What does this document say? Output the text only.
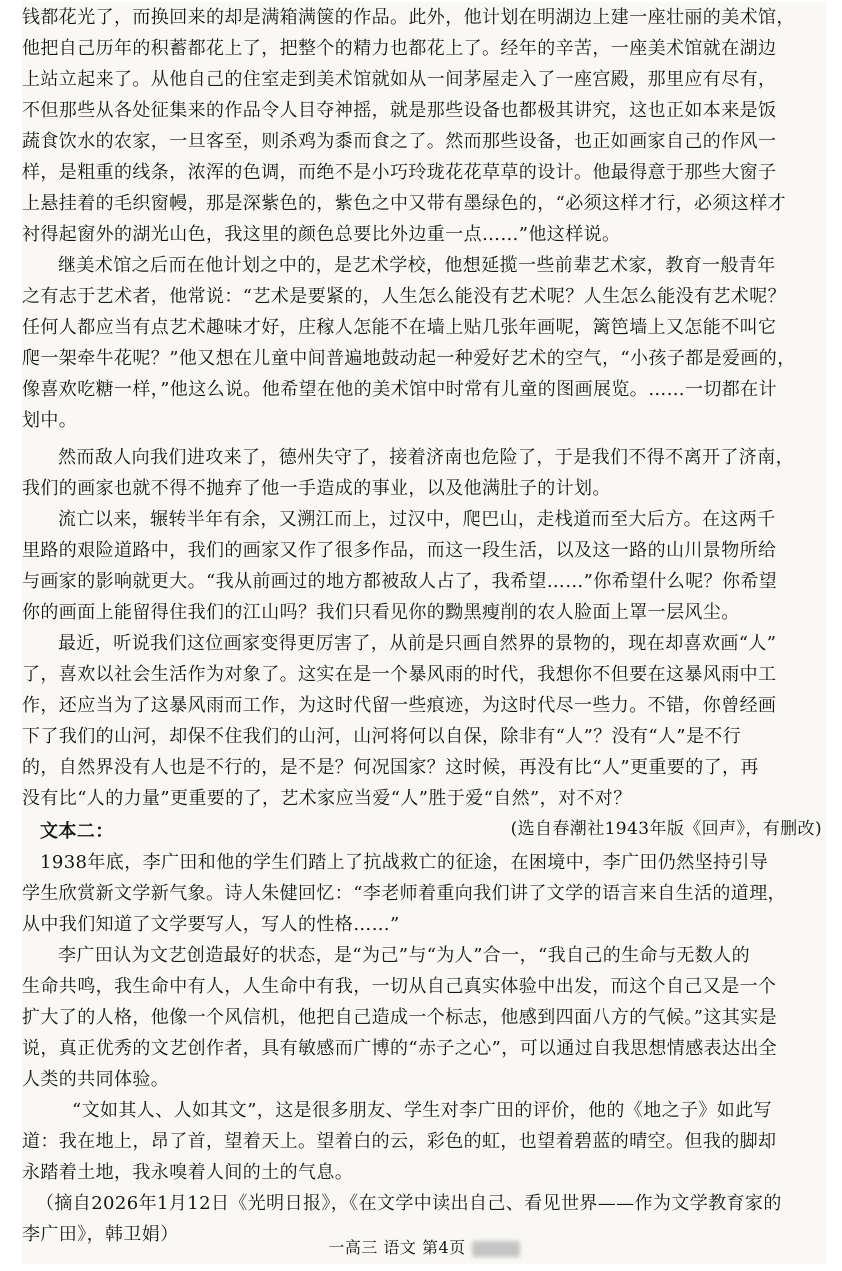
钱都花光了，而换回来的却是满箱满箧的作品。此外，他计划在明湖边上建一座壮丽的美术馆，
他把自己历年的积蓄都花上了，把整个的精力也都花上了。经年的辛苦，一座美术馆就在湖边
上站立起来了。从他自己的住室走到美术馆就如从一间茅屋走入了一座宫殿，那里应有尽有，
不但那些从各处征集来的作品令人目夺神摇，就是那些设备也都极其讲究，这也正如本来是饭
蔬食饮水的农家，一旦客至，则杀鸡为黍而食之了。然而那些设备，也正如画家自己的作风一
样，是粗重的线条，浓浑的色调，而绝不是小巧玲珑花花草草的设计。他最得意于那些大窗子
上悬挂着的毛织窗幔，那是深紫色的，紫色之中又带有墨绿色的，“必须这样才行，必须这样才
衬得起窗外的湖光山色，我这里的颜色总要比外边重一点……”他这样说。
继美术馆之后而在他计划之中的，是艺术学校，他想延揽一些前辈艺术家，教育一般青年
之有志于艺术者，他常说：“艺术是要紧的，人生怎么能没有艺术呢？人生怎么能没有艺术呢？
任何人都应当有点艺术趣味才好，庄稼人怎能不在墙上贴几张年画呢，篱笆墙上又怎能不叫它
爬一架牵牛花呢？”他又想在儿童中间普遍地鼓动起一种爱好艺术的空气，“小孩子都是爱画的，
像喜欢吃糖一样，”他这么说。他希望在他的美术馆中时常有儿童的图画展览。……一切都在计
划中。
然而敌人向我们进攻来了，德州失守了，接着济南也危险了，于是我们不得不离开了济南，
我们的画家也就不得不抛弃了他一手造成的事业，以及他满肚子的计划。
流亡以来，辗转半年有余，又溯江而上，过汉中，爬巴山，走栈道而至大后方。在这两千
里路的艰险道路中，我们的画家又作了很多作品，而这一段生活，以及这一路的山川景物所给
与画家的影响就更大。“我从前画过的地方都被敌人占了，我希望……”你希望什么呢？你希望
你的画面上能留得住我们的江山吗？我们只看见你的黝黑瘦削的农人脸面上罩一层风尘。
最近，听说我们这位画家变得更厉害了，从前是只画自然界的景物的，现在却喜欢画“人”
了，喜欢以社会生活作为对象了。这实在是一个暴风雨的时代，我想你不但要在这暴风雨中工
作，还应当为了这暴风雨而工作，为这时代留一些痕迹，为这时代尽一些力。不错，你曾经画
下了我们的山河，却保不住我们的山河，山河将何以自保，除非有“人”？没有“人”是不行
的，自然界没有人也是不行的，是不是？何况国家？这时候，再没有比“人”更重要的了，再
没有比“人的力量”更重要的了，艺术家应当爱“人”胜于爱“自然”，对不对？
(选自春潮社1943年版《回声》，有删改)
文本二：
1938年底，李广田和他的学生们踏上了抗战救亡的征途，在困境中，李广田仍然坚持引导
学生欣赏新文学新气象。诗人朱健回忆：“李老师着重向我们讲了文学的语言来自生活的道理，
从中我们知道了文学要写人，写人的性格……”
李广田认为文艺创造最好的状态，是“为己”与“为人”合一，“我自己的生命与无数人的
生命共鸣，我生命中有人，人生命中有我，一切从自己真实体验中出发，而这个自己又是一个
扩大了的人格，他像一个风信机，他把自己造成一个标志，他感到四面八方的气候。”这其实是
说，真正优秀的文艺创作者，具有敏感而广博的“赤子之心”，可以通过自我思想情感表达出全
人类的共同体验。
“文如其人、人如其文”，这是很多朋友、学生对李广田的评价，他的《地之子》如此写
道：我在地上，昂了首，望着天上。望着白的云，彩色的虹，也望着碧蓝的晴空。但我的脚却
永踏着土地，我永嗅着人间的土的气息。
（摘自2026年1月12日《光明日报》，《在文学中读出自己、看见世界——作为文学教育家的
李广田》，韩卫娟）
一高三 语文 第4页
